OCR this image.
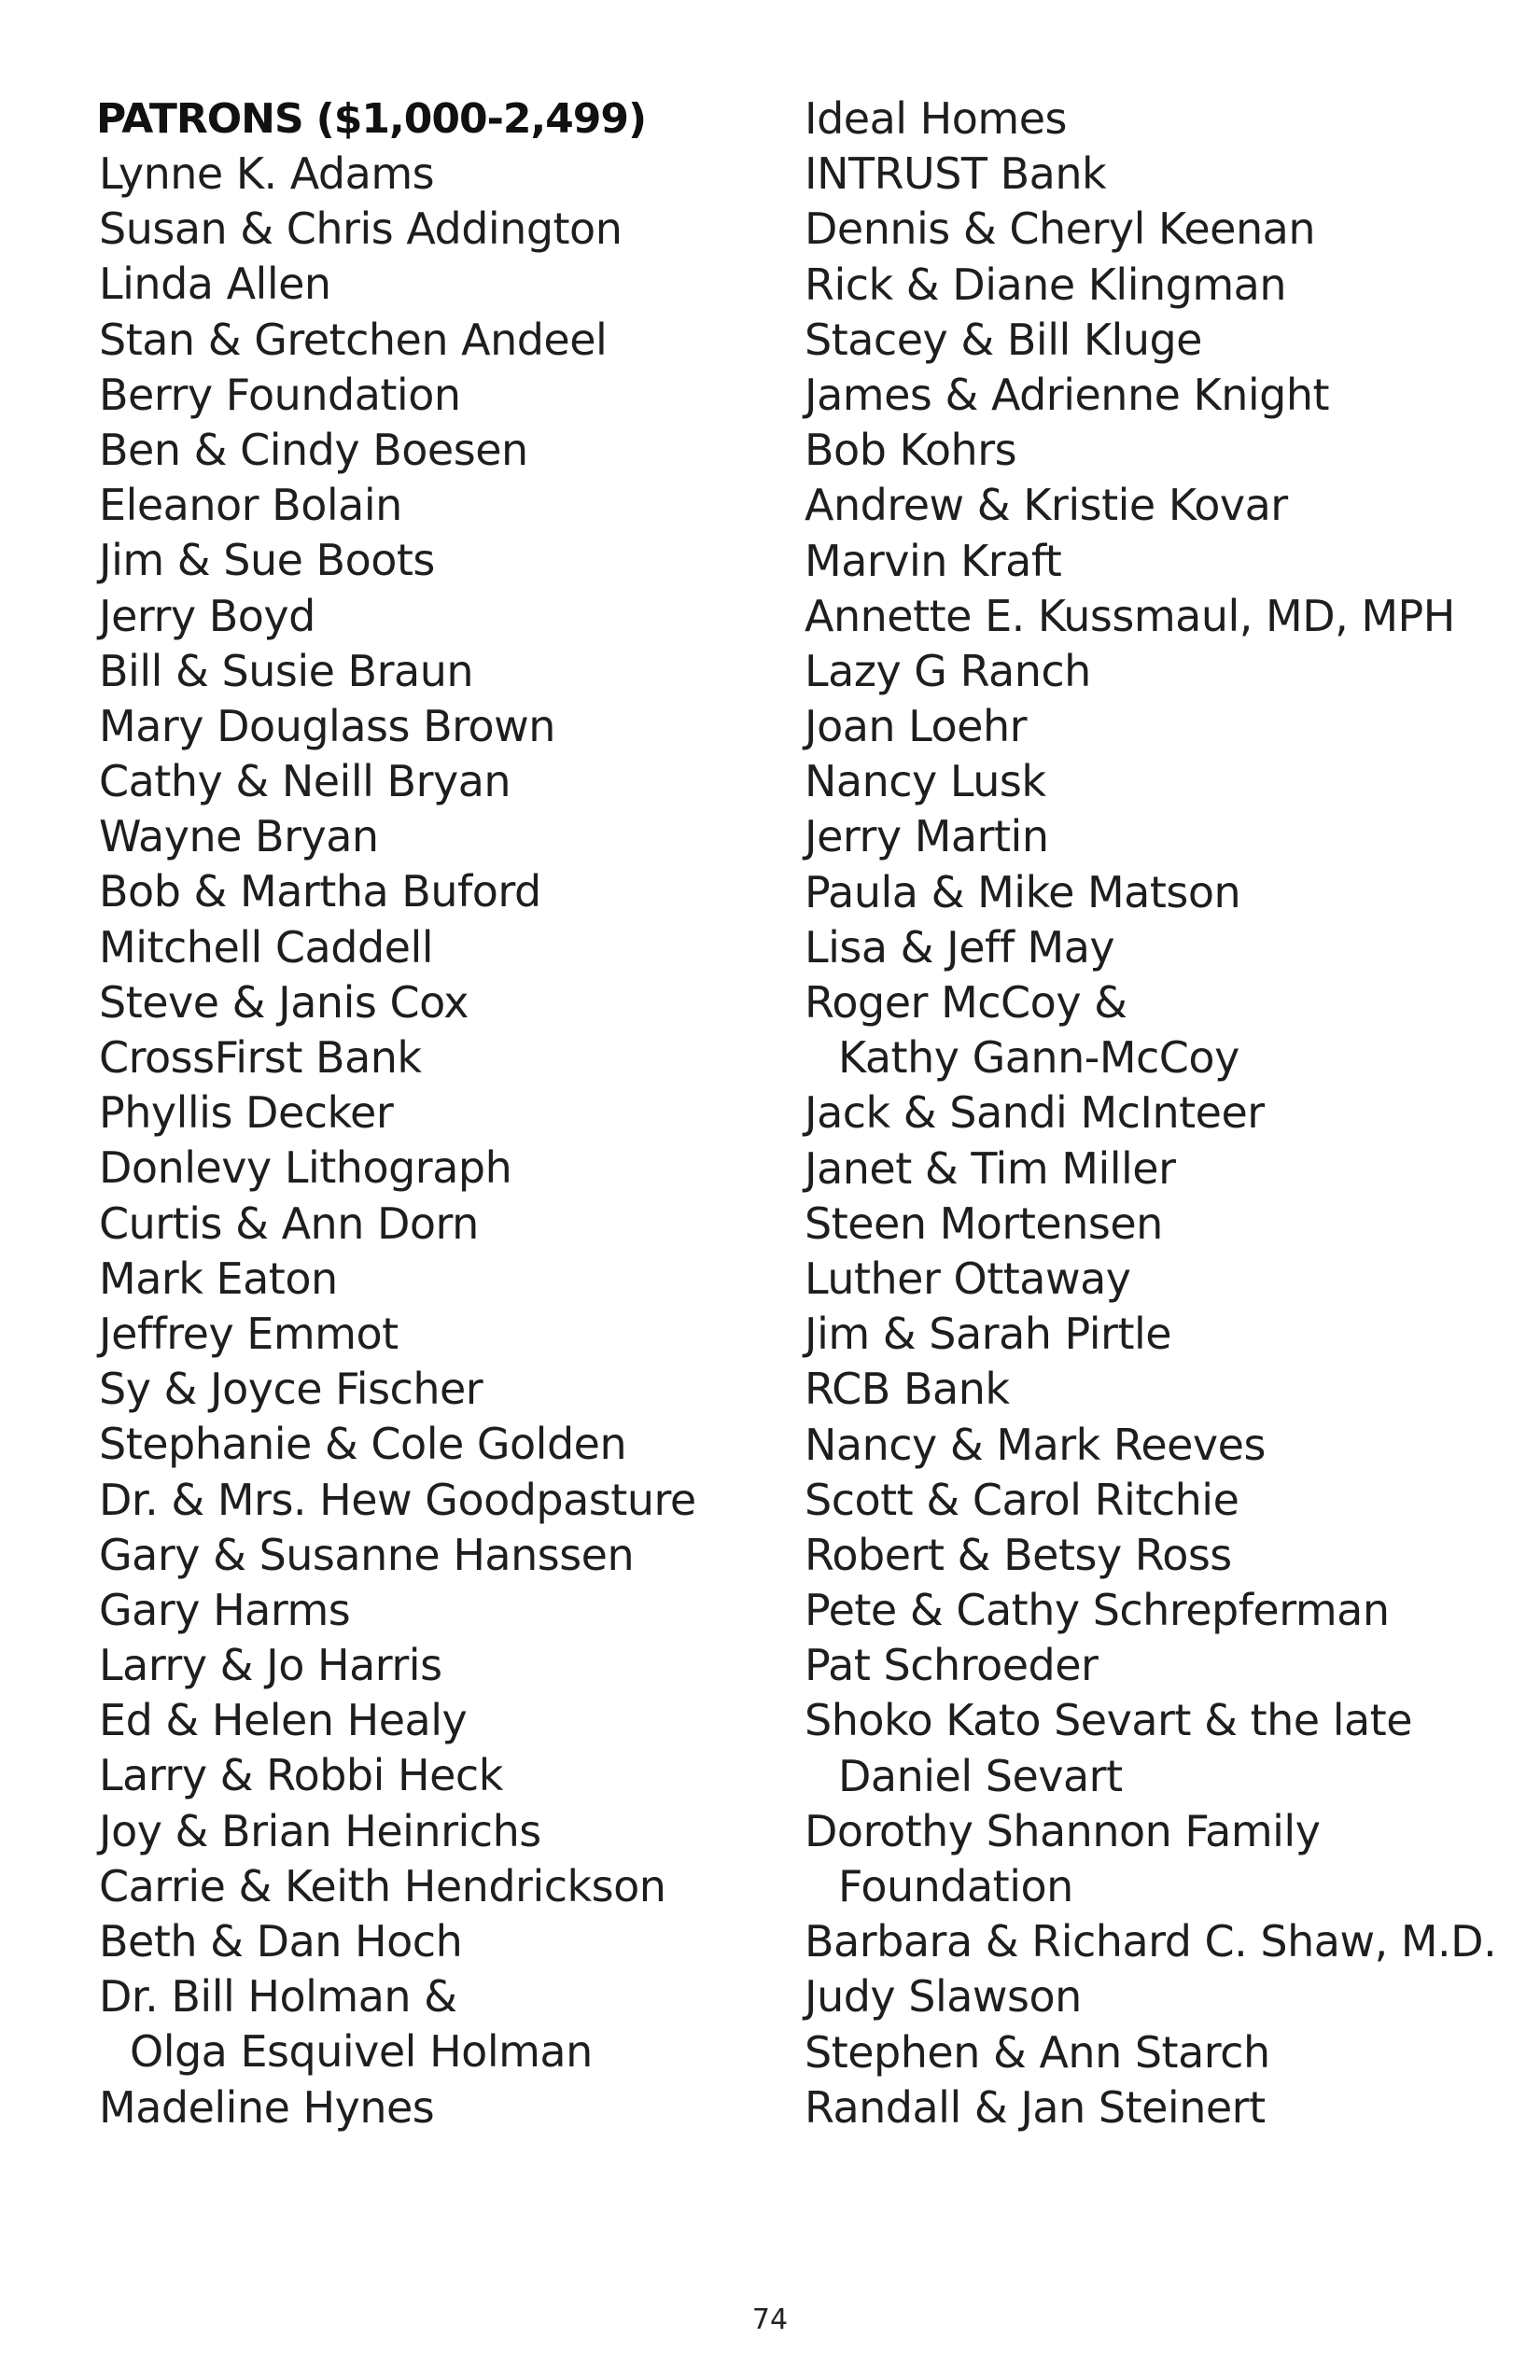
PATRONS ($1,000-2,499)
Lynne K. Adams
Susan & Chris Addington
Linda Allen
Stan & Gretchen Andeel
Berry Foundation
Ben & Cindy Boesen
Eleanor Bolain
Jim & Sue Boots
Jerry Boyd
Bill & Susie Braun
Mary Douglass Brown
Cathy & Neill Bryan
Wayne Bryan
Bob & Martha Buford
Mitchell Caddell
Steve & Janis Cox
CrossFirst Bank
Phyllis Decker
Donlevy Lithograph
Curtis & Ann Dorn
Mark Eaton
Jeffrey Emmot
Sy & Joyce Fischer
Stephanie & Cole Golden
Dr. & Mrs. Hew Goodpasture
Gary & Susanne Hanssen
Gary Harms
Larry & Jo Harris
Ed & Helen Healy
Larry & Robbi Heck
Joy & Brian Heinrichs
Carrie & Keith Hendrickson
Beth & Dan Hoch
Dr. Bill Holman &
Olga Esquivel Holman
Madeline Hynes
Ideal Homes
INTRUST Bank
Dennis & Cheryl Keenan
Rick & Diane Klingman
Stacey & Bill Kluge
James & Adrienne Knight
Bob Kohrs
Andrew & Kristie Kovar
Marvin Kraft
Annette E. Kussmaul, MD, MPH
Lazy G Ranch
Joan Loehr
Nancy Lusk
Jerry Martin
Paula & Mike Matson
Lisa & Jeff May
Roger McCoy &
Kathy Gann-McCoy
Jack & Sandi McInteer
Janet & Tim Miller
Steen Mortensen
Luther Ottaway
Jim & Sarah Pirtle
RCB Bank
Nancy & Mark Reeves
Scott & Carol Ritchie
Robert & Betsy Ross
Pete & Cathy Schrepferman
Pat Schroeder
Shoko Kato Sevart & the late
Daniel Sevart
Dorothy Shannon Family
Foundation
Barbara & Richard C. Shaw, M.D.
Judy Slawson
Stephen & Ann Starch
Randall & Jan Steinert
74
